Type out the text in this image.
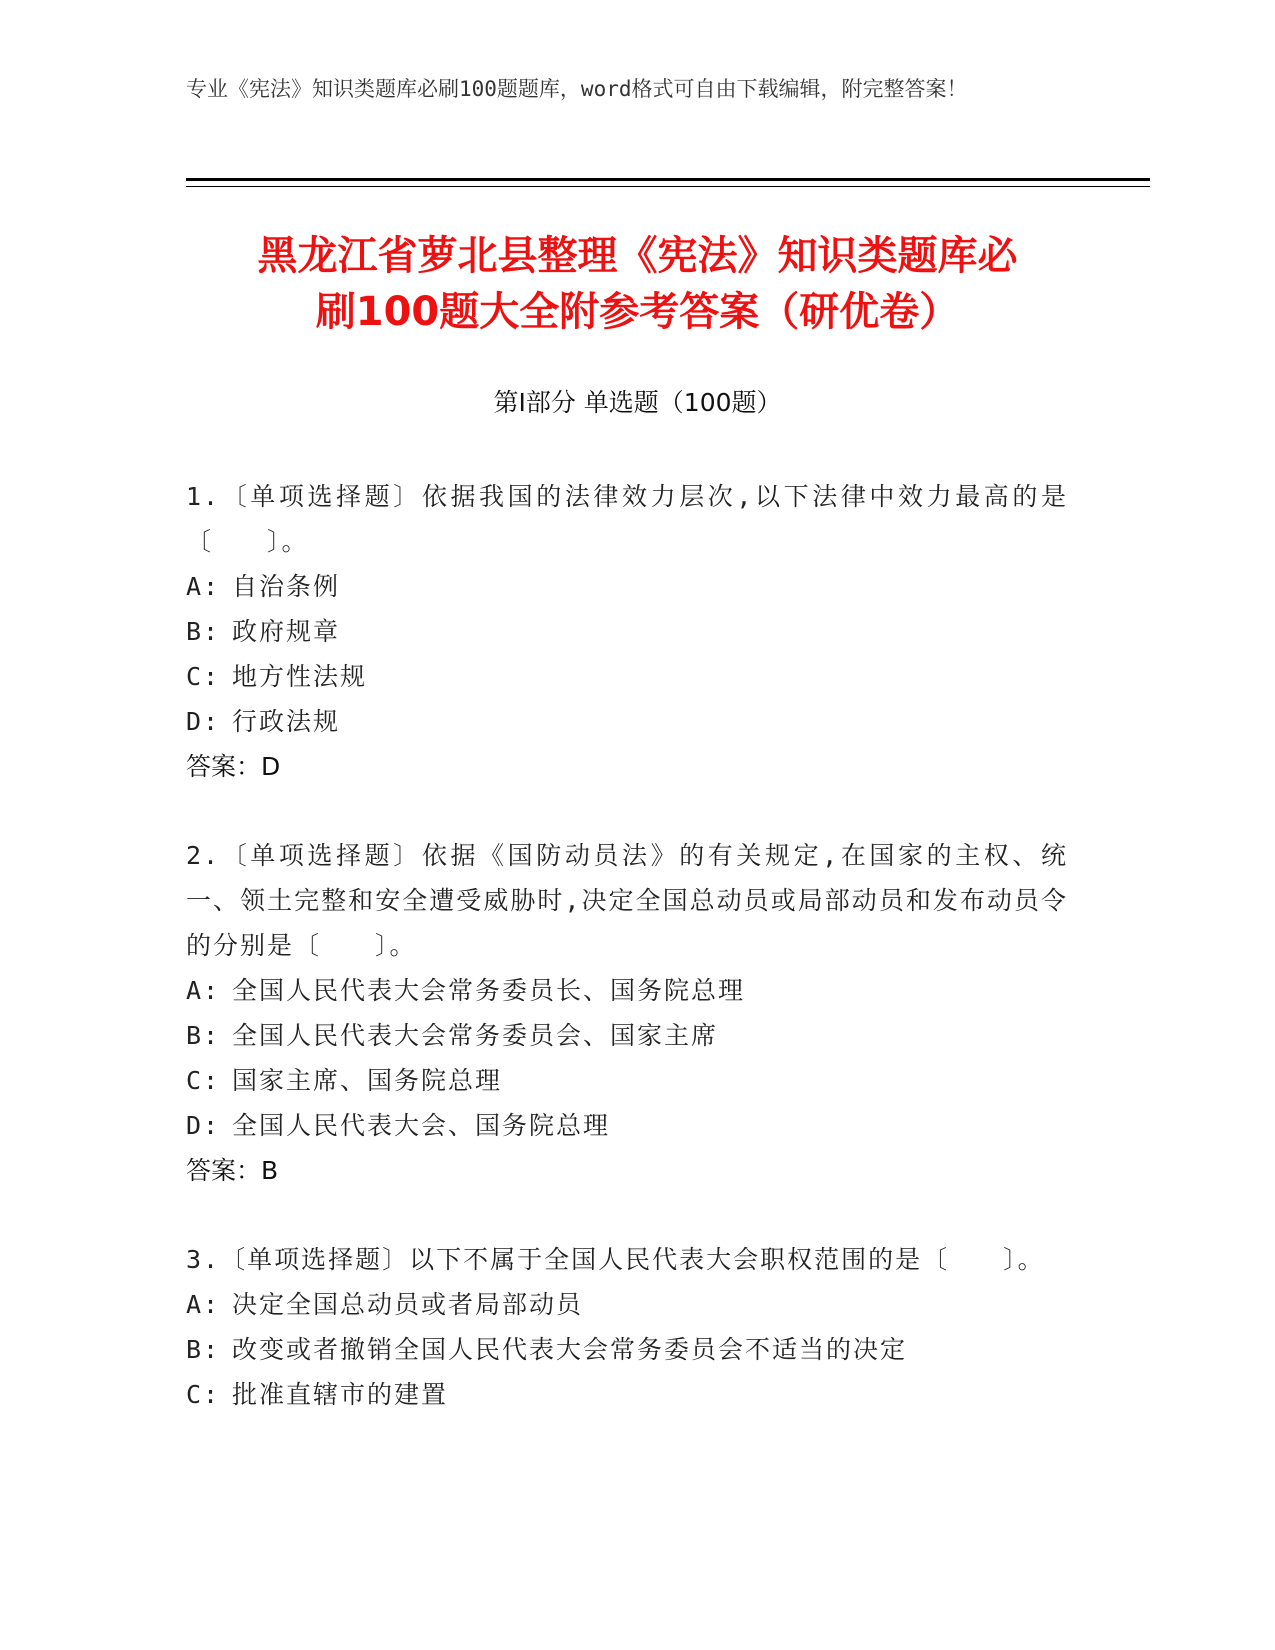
专业《宪法》知识类题库必刷100题题库，word格式可自由下载编辑，附完整答案！
黑龙江省萝北县整理《宪法》知识类题库必
刷100题大全附参考答案（研优卷）
第Ⅰ部分 单选题（100题）
1.〔单项选择题〕依据我国的法律效力层次,以下法律中效力最高的是〔　　〕。
A: 自治条例
B: 政府规章
C: 地方性法规
D: 行政法规
答案：D
2.〔单项选择题〕依据《国防动员法》的有关规定,在国家的主权、统一、领土完整和安全遭受威胁时,决定全国总动员或局部动员和发布动员令的分别是〔　　〕。
A: 全国人民代表大会常务委员长、国务院总理
B: 全国人民代表大会常务委员会、国家主席
C: 国家主席、国务院总理
D: 全国人民代表大会、国务院总理
答案：B
3.〔单项选择题〕以下不属于全国人民代表大会职权范围的是〔　　〕。
A: 决定全国总动员或者局部动员
B: 改变或者撤销全国人民代表大会常务委员会不适当的决定
C: 批准直辖市的建置
